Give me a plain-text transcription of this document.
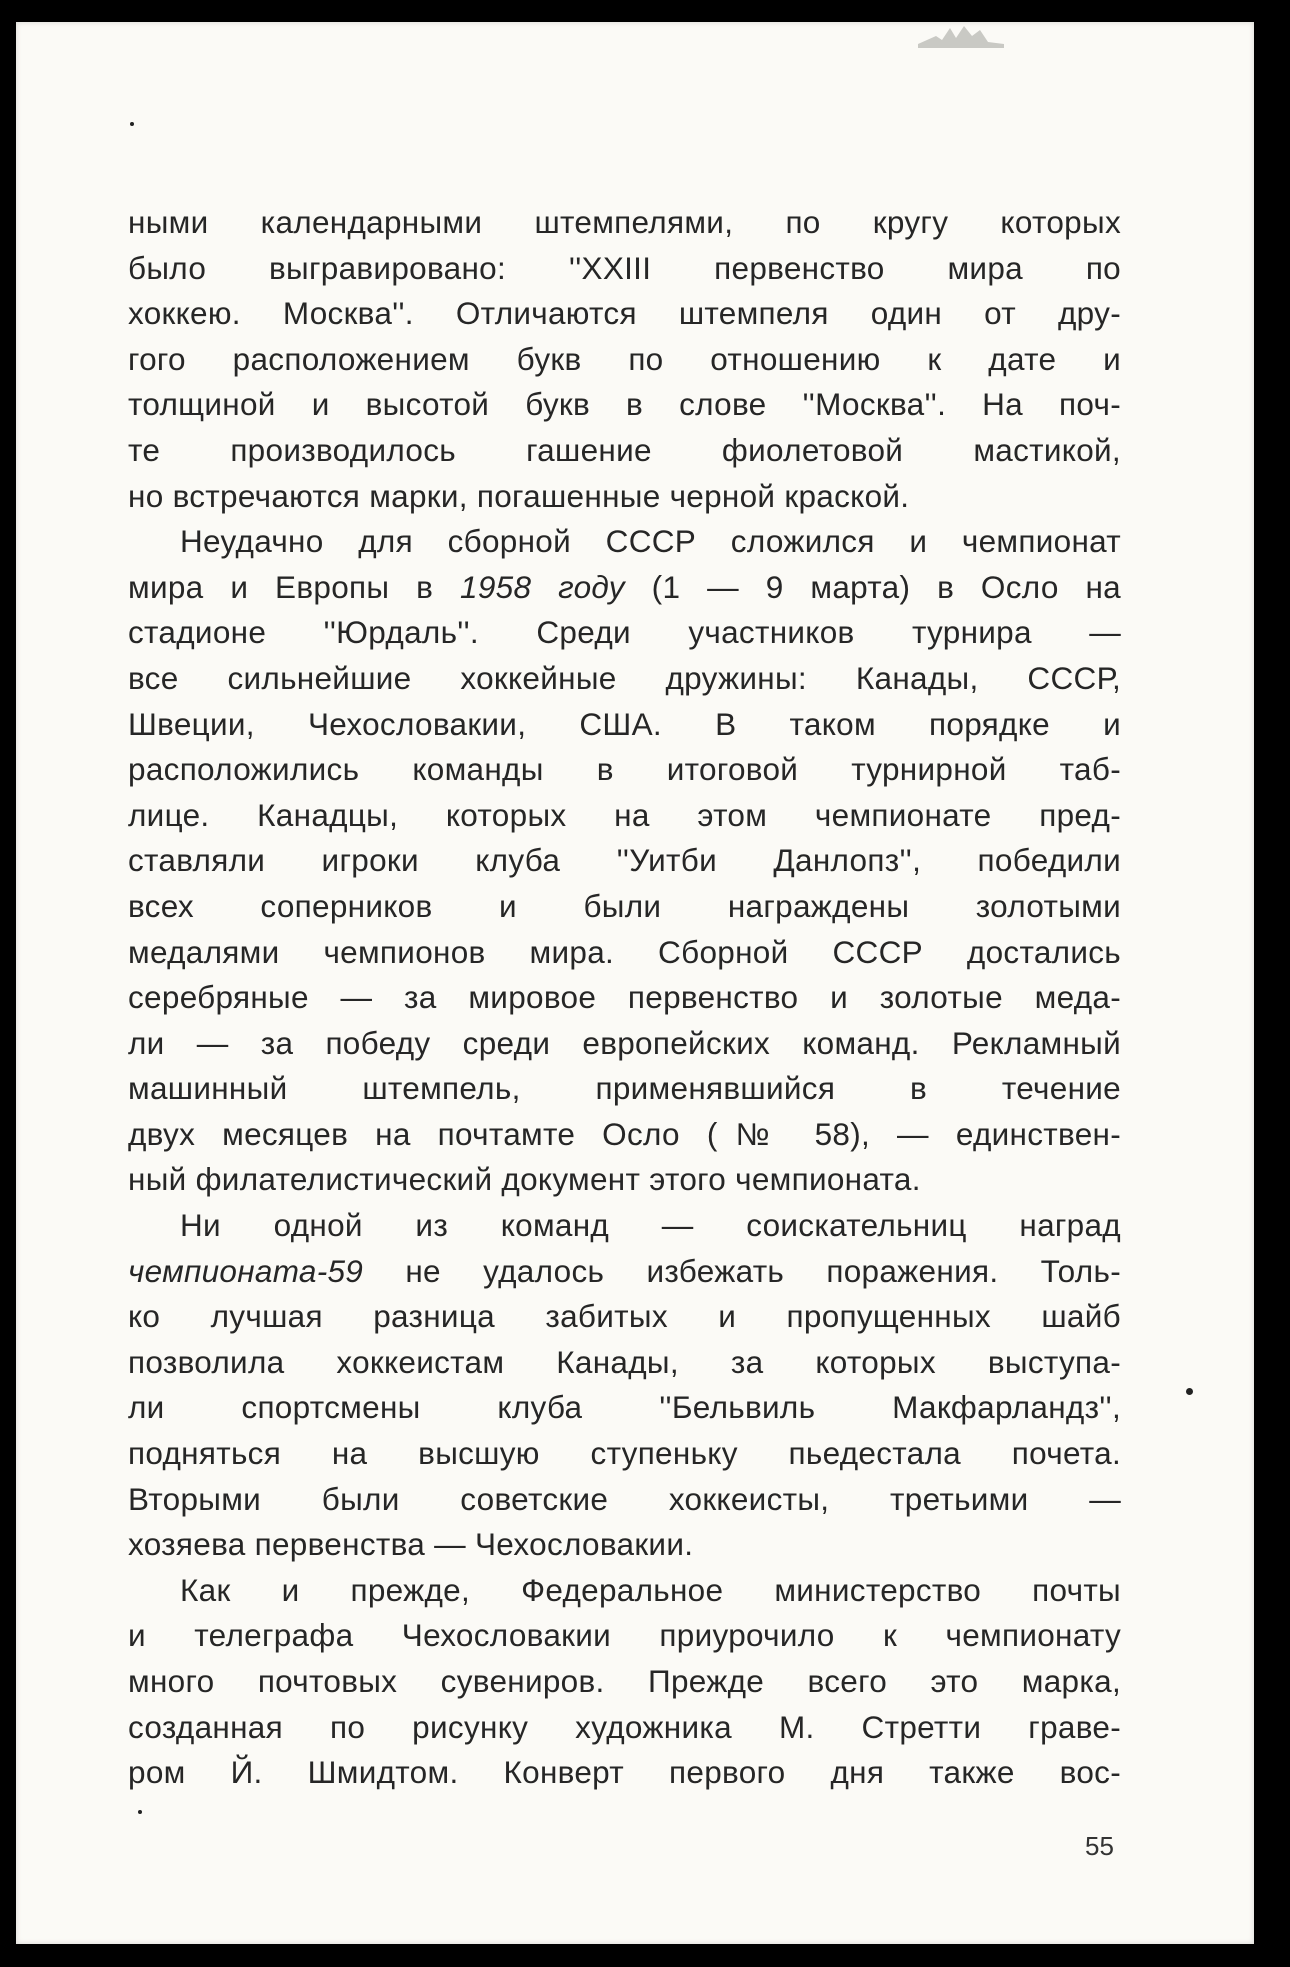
ными календарными штемпелями, по кругу которых
было выгравировано: ''XXIII первенство мира по
хоккею. Москва''. Отличаются штемпеля один от дру-
гого расположением букв по отношению к дате и
толщиной и высотой букв в слове ''Москва''. На поч-
те производилось гашение фиолетовой мастикой,
но встречаются марки, погашенные черной краской.
Неудачно для сборной СССР сложился и чемпионат
мира и Европы в 1958 году (1 — 9 марта) в Осло на
стадионе ''Юрдаль''. Среди участников турнира —
все сильнейшие хоккейные дружины: Канады, СССР,
Швеции, Чехословакии, США. В таком порядке и
расположились команды в итоговой турнирной таб-
лице. Канадцы, которых на этом чемпионате пред-
ставляли игроки клуба ''Уитби Данлопз'', победили
всех соперников и были награждены золотыми
медалями чемпионов мира. Сборной СССР достались
серебряные — за мировое первенство и золотые меда-
ли — за победу среди европейских команд. Рекламный
машинный штемпель, применявшийся в течение
двух месяцев на почтамте Осло (№ 58), — единствен-
ный филателистический документ этого чемпионата.
Ни одной из команд — соискательниц наград
чемпионата-59 не удалось избежать поражения. Толь-
ко лучшая разница забитых и пропущенных шайб
позволила хоккеистам Канады, за которых выступа-
ли спортсмены клуба ''Бельвиль Макфарландз'',
подняться на высшую ступеньку пьедестала почета.
Вторыми были советские хоккеисты, третьими —
хозяева первенства — Чехословакии.
Как и прежде, Федеральное министерство почты
и телеграфа Чехословакии приурочило к чемпионату
много почтовых сувениров. Прежде всего это марка,
созданная по рисунку художника М. Стретти граве-
ром Й. Шмидтом. Конверт первого дня также вос-
55
